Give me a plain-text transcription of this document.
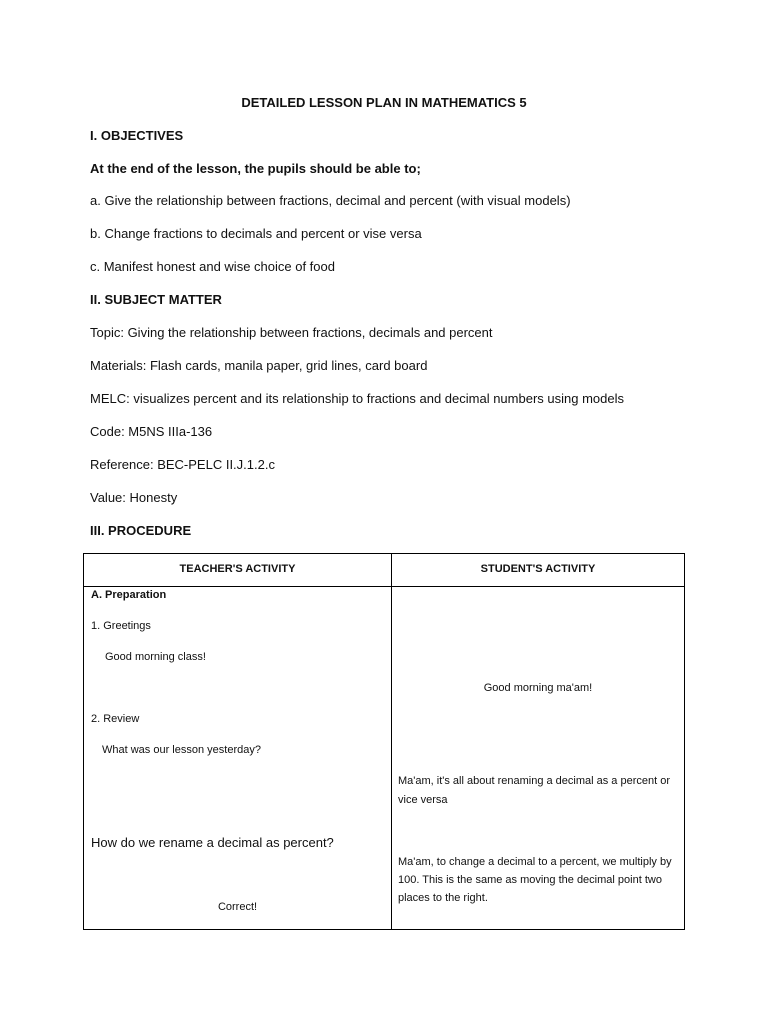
DETAILED LESSON PLAN IN MATHEMATICS 5
I. OBJECTIVES
At the end of the lesson, the pupils should be able to;
a. Give the relationship between fractions, decimal and percent (with visual models)
b. Change fractions to decimals and percent or vise versa
c. Manifest honest and wise choice of food
II. SUBJECT MATTER
Topic: Giving the relationship between fractions, decimals and percent
Materials: Flash cards, manila paper, grid lines, card board
MELC: visualizes percent and its relationship to fractions and decimal numbers using models
Code: M5NS IIIa-136
Reference: BEC-PELC II.J.1.2.c
Value: Honesty
III. PROCEDURE
TEACHER'S ACTIVITY	STUDENT'S ACTIVITY
A. Preparation
1. Greetings
Good morning class!
2. Review
What was our lesson yesterday?
How do we rename a decimal as percent?
Correct!
Good morning ma'am!
Ma'am, it's all about renaming a decimal as a percent or vice versa
Ma'am, to change a decimal to a percent, we multiply by 100. This is the same as moving the decimal point two places to the right.
